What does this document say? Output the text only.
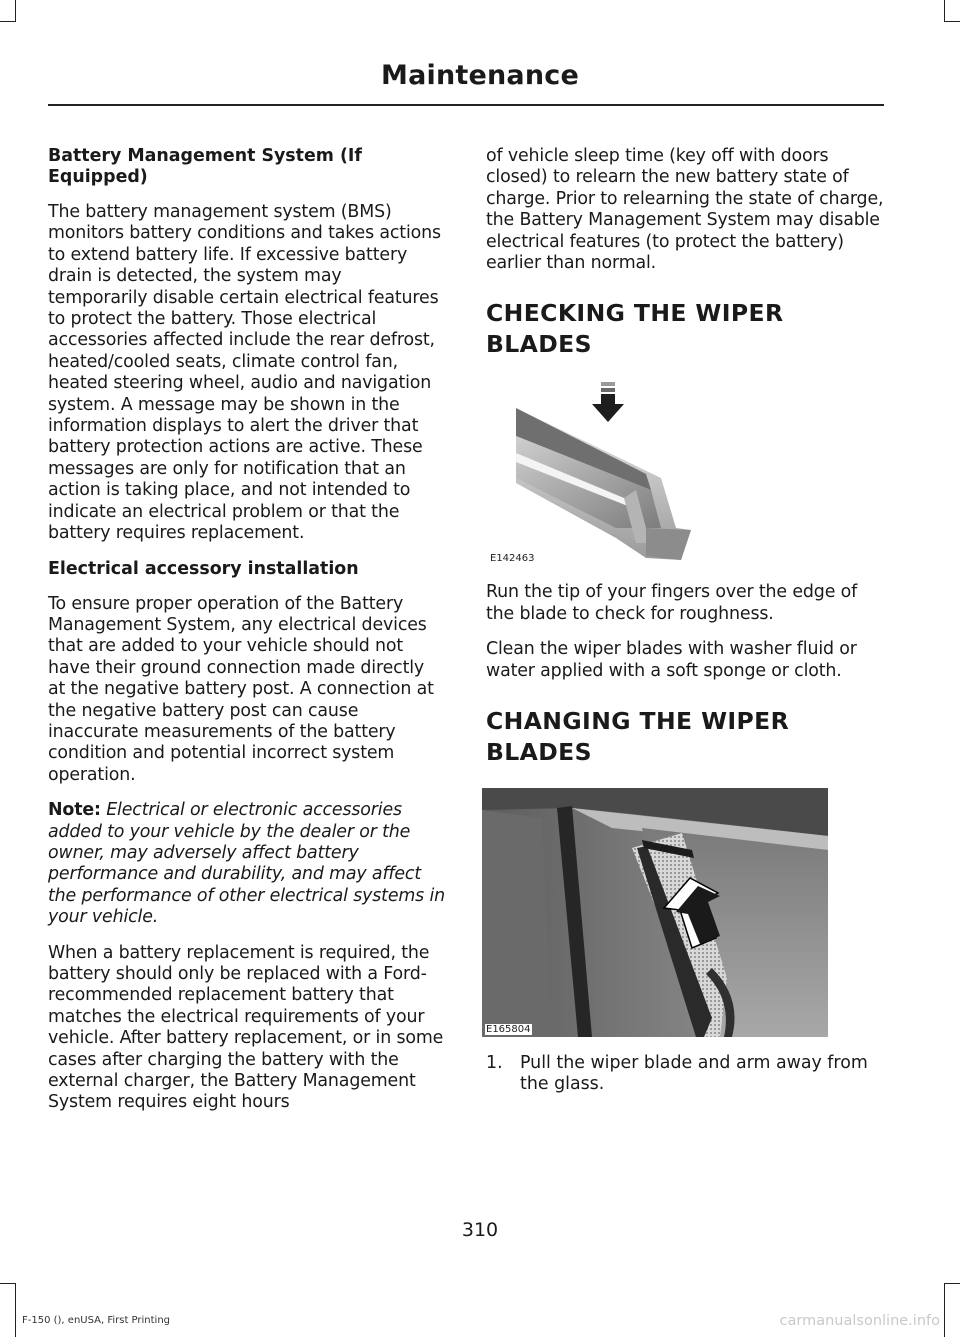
Maintenance
Battery Management System (If Equipped)

The battery management system (BMS) monitors battery conditions and takes actions to extend battery life. If excessive battery drain is detected, the system may temporarily disable certain electrical features to protect the battery. Those electrical accessories affected include the rear defrost, heated/cooled seats, climate control fan, heated steering wheel, audio and navigation system. A message may be shown in the information displays to alert the driver that battery protection actions are active. These messages are only for notification that an action is taking place, and not intended to indicate an electrical problem or that the battery requires replacement.

Electrical accessory installation

To ensure proper operation of the Battery Management System, any electrical devices that are added to your vehicle should not have their ground connection made directly at the negative battery post. A connection at the negative battery post can cause inaccurate measurements of the battery condition and potential incorrect system operation.

Note: Electrical or electronic accessories added to your vehicle by the dealer or the owner, may adversely affect battery performance and durability, and may affect the performance of other electrical systems in your vehicle.

When a battery replacement is required, the battery should only be replaced with a Ford-recommended replacement battery that matches the electrical requirements of your vehicle. After battery replacement, or in some cases after charging the battery with the external charger, the Battery Management System requires eight hours

of vehicle sleep time (key off with doors closed) to relearn the new battery state of charge. Prior to relearning the state of charge, the Battery Management System may disable electrical features (to protect the battery) earlier than normal.

CHECKING THE WIPER
BLADES
E142463

Run the tip of your fingers over the edge of the blade to check for roughness.

Clean the wiper blades with washer fluid or water applied with a soft sponge or cloth.

CHANGING THE WIPER
BLADES
E165804
1.	Pull the wiper blade and arm away from the glass.
310
F-150 (), enUSA, First Printing	carmanualsonline.info
